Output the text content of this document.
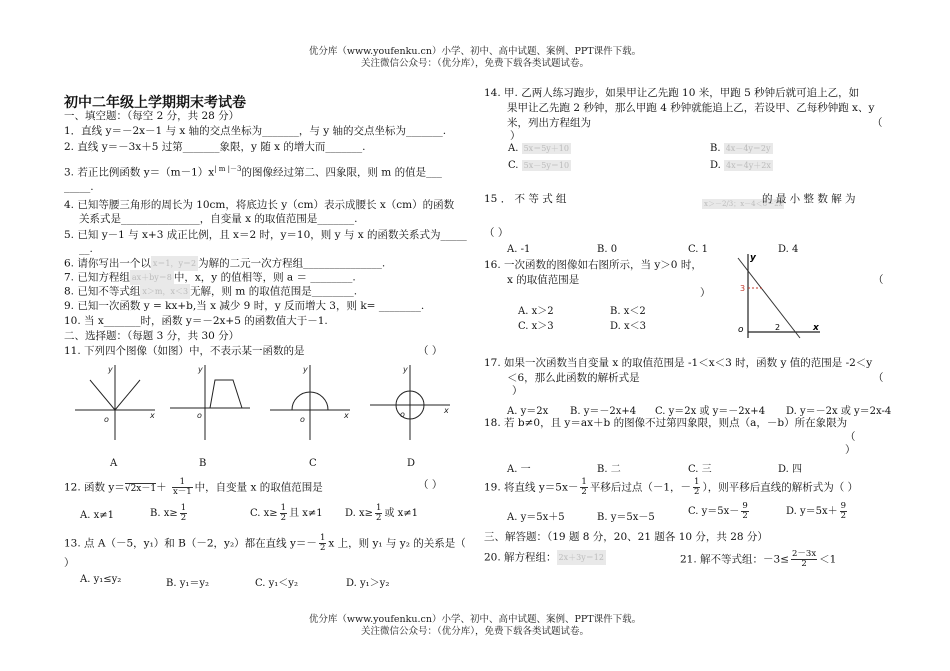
优分库（www.youfenku.cn）小学、初中、高中试题、案例、PPT课件下载。
关注微信公众号：（优分库），免费下载各类试题试卷。
初中二年级上学期期末考试卷
一、填空题：（每空 2 分，共 28 分）
1．直线 y＝－2x－1 与 x 轴的交点坐标为_______，与 y 轴的交点坐标为_______.
2. 直线 y＝－3x＋5 过第_______象限，y 随 x 的增大而_______.
3. 若正比例函数 $y=(m-1)x^{| m |-3}$的图像经过第二、四象限，则 m 的值是___
_____.
4. 已知等腰三角形的周长为 10cm，将底边长 y（cm）表示成腰长 x（cm）的函数
关系式是_______________，自变量 x 的取值范围是_______.
5. 已知 y－1 与 x+3 成正比例，且 x＝2 时，y＝10，则 y 与 x 的函数关系式为_____
__.
6. 请你写出一个以 x＝1，y＝2 为解的二元一次方程组_______________.
7. 已知方程组 ax＋by＝8 中，x，y 的值相等，则 a ＝ ________.
8. 已知不等式组 x＞m，x＜3 无解，则 m 的取值范围是________.
9. 已知一次函数 y = kx+b,当 x 减少 9 时，y 反而增大 3，则 k= ________.
10. 当 x_______时，函数 y＝－2x+5 的函数值大于－1.
二、选择题：（每题 3 分，共 30 分）
11. 下列四个图像（如图）中，不表示某一函数的是	（ ）
o
y
x	o
y
o
y
x	o
y
x
A	B	C	D
12. 函数 $y=√2x-1+ \frac{1}{x-1}$ 中，自变量 x 的取值范围是	（ ）
A. x≠1	B. $x\ge \frac{1}{2}$	C. $x\ge \frac{1}{2}$ 且 x≠1 D. $x\ge \frac{1}{2}$ 或 x≠1
13. 点 A（－5，y₁）和 B（－2，y₂）都在直线 $y=- \frac{1}{2}$ x 上，则 y₁ 与 y₂ 的关系是（
）
A. y₁≤y₂	B. y₁＝y₂	C. y₁＜y₂	D. y₁＞y₂
14. 甲. 乙两人练习跑步，如果甲让乙先跑 10 米，甲跑 5 秒钟后就可追上乙，如
果甲让乙先跑 2 秒钟，那么甲跑 4 秒钟就能追上乙，若设甲、乙每秒钟跑 x、y
米，列出方程组为	（
）
A. 5x＝5y＋10	B. 4x－4y＝2y
C. 5x－5y＝10	D. 4x＝4y＋2x
15 ． 不 等 式 组	x＞－2/3；x－4＜8－2x
的 最 小 整 数 解 为
（ ）
A. -1	B. 0	C. 1	D. 4
16. 一次函数的图像如右图所示，当 y＞0 时，
x 的取值范围是	（
）
A. x＞2	B. x＜2
C. x＞3	D. x＜3
y
x
o
3
2
17. 如果一次函数当自变量 x 的取值范围是 -1＜x＜3 时，函数 y 值的范围是 -2＜y
＜6，那么此函数的解析式是	（
）
A. y＝2x B. y＝－2x+4 C. y＝2x 或 y＝－2x+4 D. y＝－2x 或 y＝2x-4
18. 若 b≠0，且 y＝ax＋b 的图像不过第四象限，则点（a，－b）所在象限为
（
）
A. 一	B. 二	C. 三	D. 四
19. 将直线 $y=5x- \frac{1}{2}$ 平移后过点（－1，－ $\frac{1}{2}$ ），则平移后直线的解析式为（ ）
A. y＝5x＋5	B. y＝5x－5
C. $y=5x- \frac{9}{2}$	D. $y=5x+ \frac{9}{2}$
三、解答题：（19 题 8 分，20、21 题各 10 分，共 28 分）
20. 解方程组： 2x＋3y＝12	21. 解不等式组：$-3\le \frac{2-3x}{2} <1$
优分库（www.youfenku.cn）小学、初中、高中试题、案例、PPT课件下载。
关注微信公众号：（优分库），免费下载各类试题试卷。
